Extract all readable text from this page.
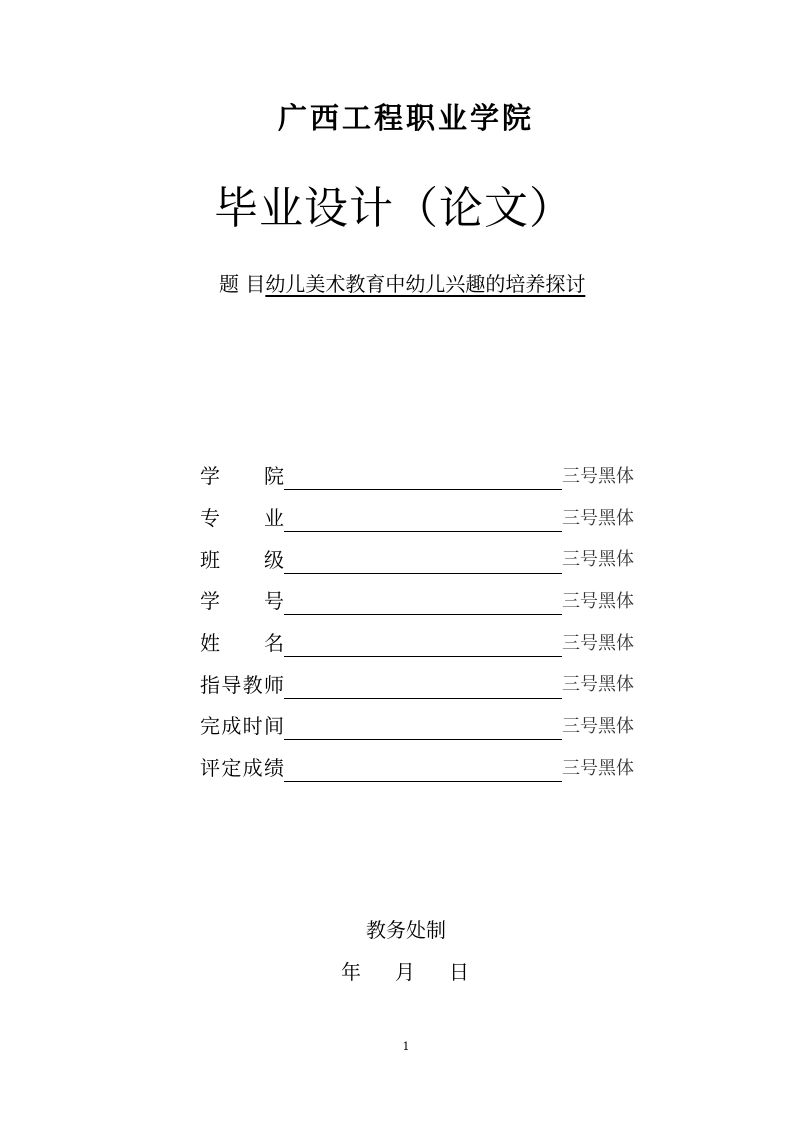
广西工程职业学院
毕业设计（论文）
题 目幼儿美术教育中幼儿兴趣的培养探讨
学　　院	三号黑体
专　　业	三号黑体
班　　级	三号黑体
学　　号	三号黑体
姓　　名	三号黑体
指导教师	三号黑体
完成时间	三号黑体
评定成绩	三号黑体
教务处制
年 月 日
1
